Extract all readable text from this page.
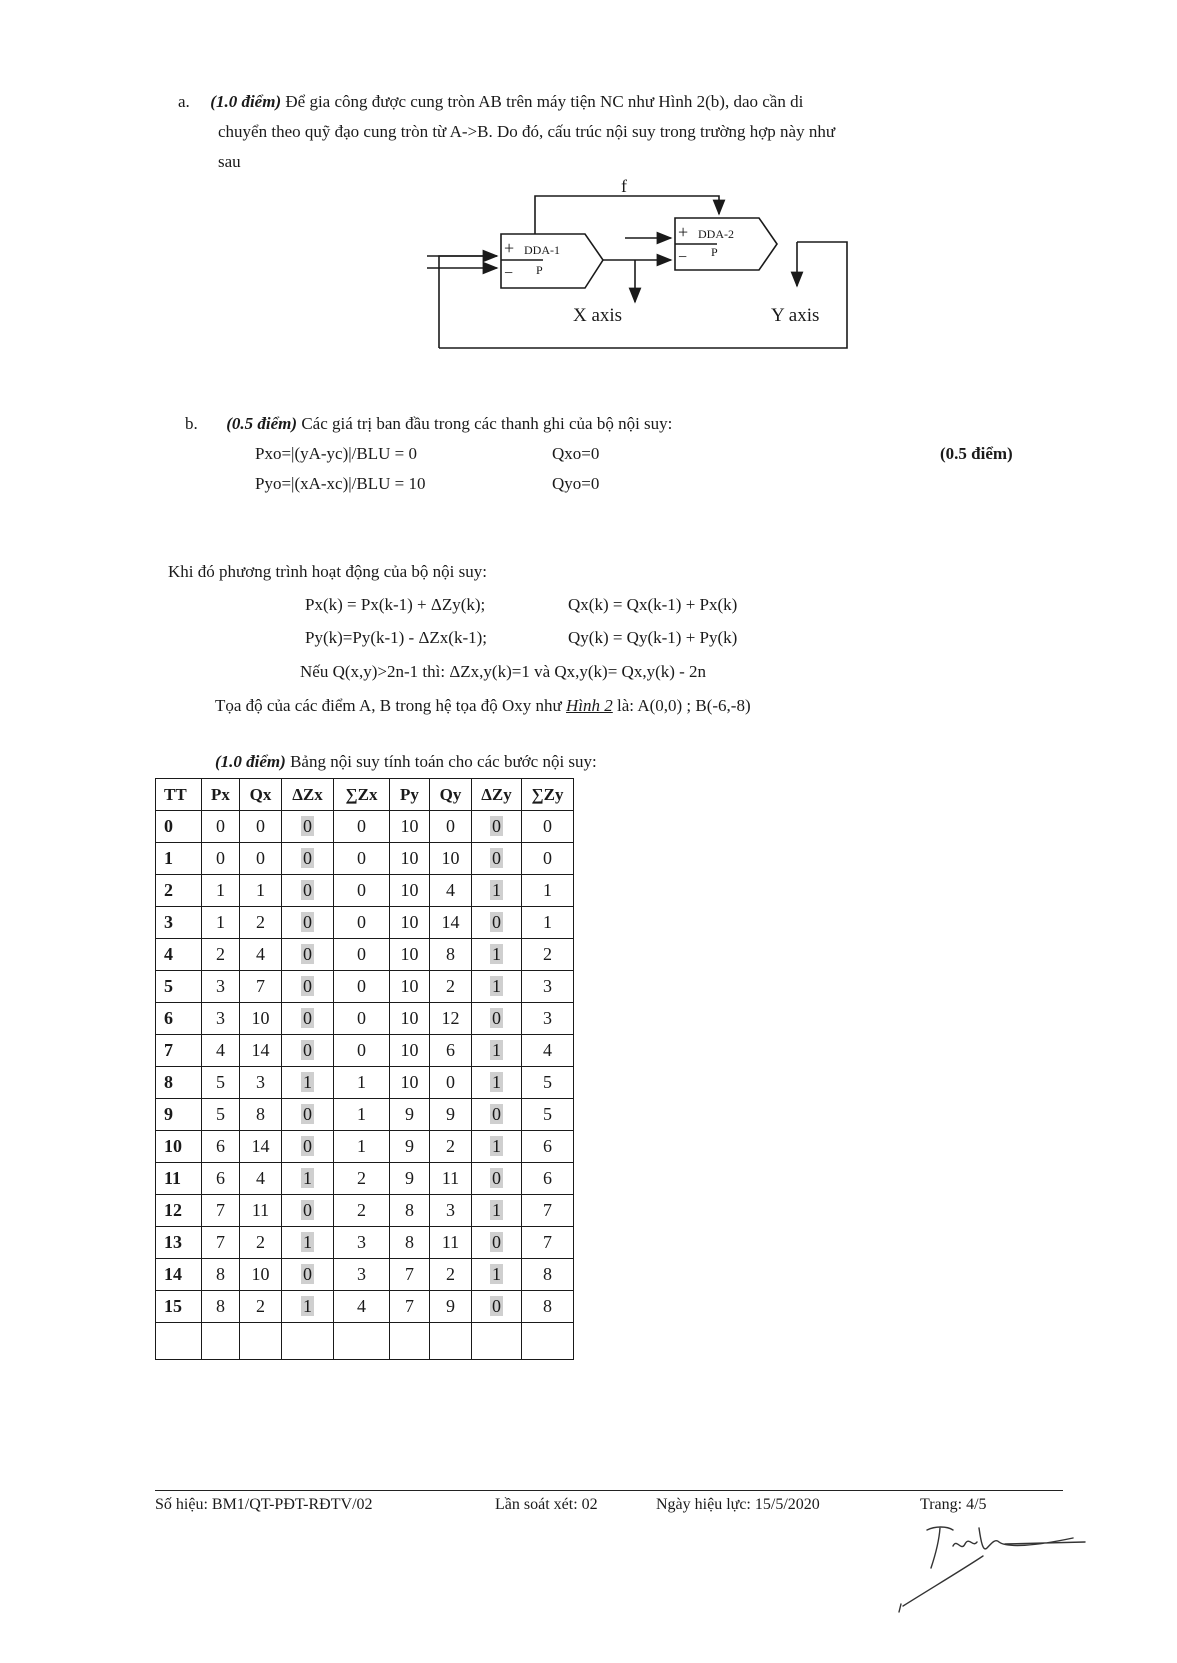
a. (1.0 điểm) Để gia công được cung tròn AB trên máy tiện NC như Hình 2(b), dao cần di
chuyển theo quỹ đạo cung tròn từ A->B. Do đó, cấu trúc nội suy trong trường hợp này như
sau
f
+
−
DDA-1
P
+
−
DDA-2
P
X axis	Y axis
b. (0.5 điểm) Các giá trị ban đầu trong các thanh ghi của bộ nội suy:
(0.5 điểm)
Pxo=|(yA-yc)|/BLU = 0	Qxo=0
Pyo=|(xA-xc)|/BLU = 10	Qyo=0
Khi đó phương trình hoạt động của bộ nội suy:
Px(k) = Px(k-1) + ΔZy(k);	Qx(k) = Qx(k-1) + Px(k)
Py(k)=Py(k-1) - ΔZx(k-1);	Qy(k) = Qy(k-1) + Py(k)
Nếu Q(x,y)>2n-1 thì: ΔZx,y(k)=1 và Qx,y(k)= Qx,y(k) - 2n
Tọa độ của các điểm A, B trong hệ tọa độ Oxy như Hình 2 là: A(0,0) ; B(-6,-8)
(1.0 điểm) Bảng nội suy tính toán cho các bước nội suy:
TT	Px	Qx	ΔZx	∑Zx	Py	Qy	ΔZy	∑Zy
0	0	0	0	0	10	0	0	0
1	0	0	0	0	10	10	0	0
2	1	1	0	0	10	4	1	1
3	1	2	0	0	10	14	0	1
4	2	4	0	0	10	8	1	2
5	3	7	0	0	10	2	1	3
6	3	10	0	0	10	12	0	3
7	4	14	0	0	10	6	1	4
8	5	3	1	1	10	0	1	5
9	5	8	0	1	9	9	0	5
10	6	14	0	1	9	2	1	6
11	6	4	1	2	9	11	0	6
12	7	11	0	2	8	3	1	7
13	7	2	1	3	8	11	0	7
14	8	10	0	3	7	2	1	8
15	8	2	1	4	7	9	0	8

Số hiệu: BM1/QT-PĐT-RĐTV/02	Lần soát xét: 02	Ngày hiệu lực: 15/5/2020	Trang: 4/5
